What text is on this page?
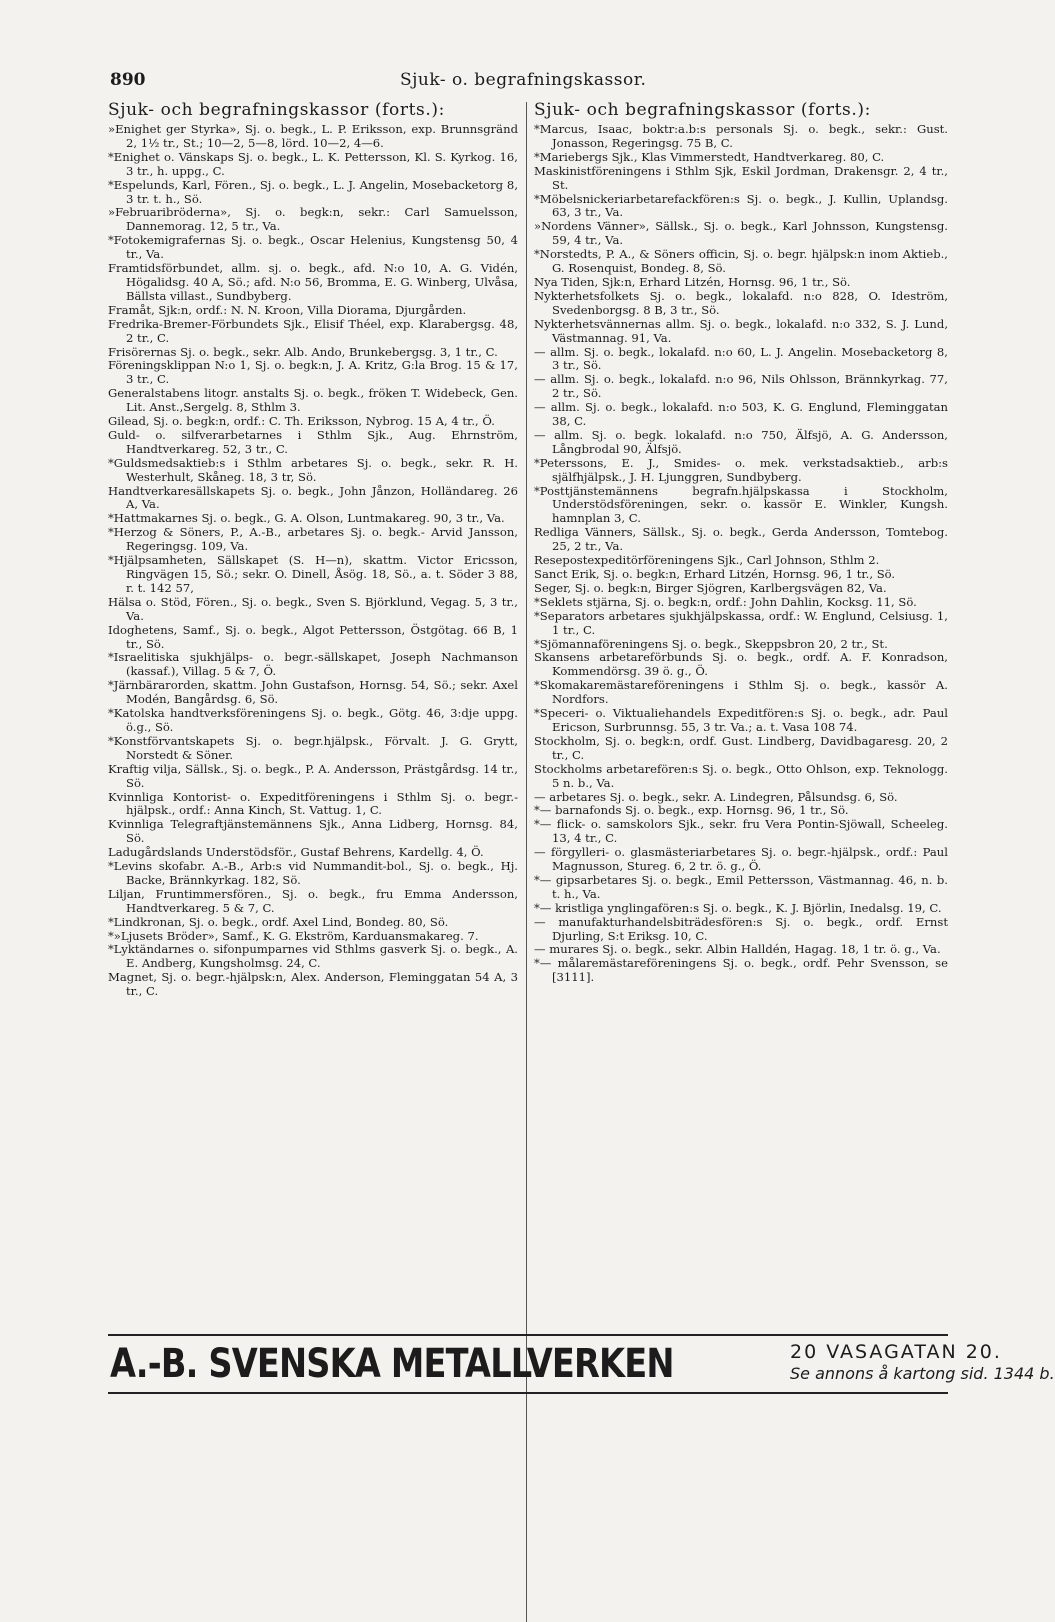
890	Sjuk- o. begrafningskassor.
Sjuk- och begrafningskassor (forts.):

»Enighet ger Styrka», Sj. o. begk., L. P. Eriksson, exp. Brunnsgränd 2, 1½ tr., St.; 10—2, 5—8, lörd. 10—2, 4—6.

*Enighet o. Vänskaps Sj. o. begk., L. K. Pettersson, Kl. S. Kyrkog. 16, 3 tr., h. uppg., C.

*Espelunds, Karl, Fören., Sj. o. begk., L. J. Angelin, Mosebacketorg 8, 3 tr. t. h., Sö.

»Februaribröderna», Sj. o. begk:n, sekr.: Carl Samuelsson, Dannemorag. 12, 5 tr., Va.

*Fotokemigrafernas Sj. o. begk., Oscar Helenius, Kungstensg 50, 4 tr., Va.

Framtidsförbundet, allm. sj. o. begk., afd. N:o 10, A. G. Vidén, Högalidsg. 40 A, Sö.; afd. N:o 56, Bromma, E. G. Winberg, Ulvåsa, Bällsta villast., Sundbyberg.

Framåt, Sjk:n, ordf.: N. N. Kroon, Villa Diorama, Djurgården.

Fredrika-Bremer-Förbundets Sjk., Elisif Théel, exp. Klarabergsg. 48, 2 tr., C.

Frisörernas Sj. o. begk., sekr. Alb. Ando, Brunkebergsg. 3, 1 tr., C.

Föreningsklippan N:o 1, Sj. o. begk:n, J. A. Kritz, G:la Brog. 15 & 17, 3 tr., C.

Generalstabens litogr. anstalts Sj. o. begk., fröken T. Widebeck, Gen. Lit. Anst.,Sergelg. 8, Sthlm 3.

Gilead, Sj. o. begk:n, ordf.: C. Th. Eriksson, Nybrog. 15 A, 4 tr., Ö.

Guld- o. silfverarbetarnes i Sthlm Sjk., Aug. Ehrnström, Handtverkareg. 52, 3 tr., C.

*Guldsmedsaktieb:s i Sthlm arbetares Sj. o. begk., sekr. R. H. Westerhult, Skåneg. 18, 3 tr, Sö.

Handtverkaresällskapets Sj. o. begk., John Jånzon, Holländareg. 26 A, Va.

*Hattmakarnes Sj. o. begk., G. A. Olson, Luntmakareg. 90, 3 tr., Va.

*Herzog & Söners, P., A.-B., arbetares Sj. o. begk.- Arvid Jansson, Regeringsg. 109, Va.

*Hjälpsamheten, Sällskapet (S. H—n), skattm. Victor Ericsson, Ringvägen 15, Sö.; sekr. O. Dinell, Åsög. 18, Sö., a. t. Söder 3 88, r. t. 142 57,

Hälsa o. Stöd, Fören., Sj. o. begk., Sven S. Björklund, Vegag. 5, 3 tr., Va.

Idoghetens, Samf., Sj. o. begk., Algot Pettersson, Östgötag. 66 B, 1 tr., Sö.

*Israelitiska sjukhjälps- o. begr.-sällskapet, Joseph Nachmanson (kassaf.), Villag. 5 & 7, Ö.

*Järnbärarorden, skattm. John Gustafson, Hornsg. 54, Sö.; sekr. Axel Modén, Bangårdsg. 6, Sö.

*Katolska handtverksföreningens Sj. o. begk., Götg. 46, 3:dje uppg. ö.g., Sö.

*Konstförvantskapets Sj. o. begr.hjälpsk., Förvalt. J. G. Grytt, Norstedt & Söner.

Kraftig vilja, Sällsk., Sj. o. begk., P. A. Andersson, Prästgårdsg. 14 tr., Sö.

Kvinnliga Kontorist- o. Expeditföreningens i Sthlm Sj. o. begr.-hjälpsk., ordf.: Anna Kinch, St. Vattug. 1, C.

Kvinnliga Telegraftjänstemännens Sjk., Anna Lidberg, Hornsg. 84, Sö.

Ladugårdslands Understödsför., Gustaf Behrens, Kardellg. 4, Ö.

*Levins skofabr. A.-B., Arb:s vid Nummandit-bol., Sj. o. begk., Hj. Backe, Brännkyrkag. 182, Sö.

Liljan, Fruntimmersfören., Sj. o. begk., fru Emma Andersson, Handtverkareg. 5 & 7, C.

*Lindkronan, Sj. o. begk., ordf. Axel Lind, Bondeg. 80, Sö.

*»Ljusets Bröder», Samf., K. G. Ekström, Karduansmakareg. 7.

*Lyktändarnes o. sifonpumparnes vid Sthlms gasverk Sj. o. begk., A. E. Andberg, Kungsholmsg. 24, C.

Magnet, Sj. o. begr.-hjälpsk:n, Alex. Anderson, Fleminggatan 54 A, 3 tr., C.

Sjuk- och begrafningskassor (forts.):

*Marcus, Isaac, boktr:a.b:s personals Sj. o. begk., sekr.: Gust. Jonasson, Regeringsg. 75 B, C.

*Mariebergs Sjk., Klas Vimmerstedt, Handtverkareg. 80, C.

Maskinistföreningens i Sthlm Sjk, Eskil Jordman, Drakensgr. 2, 4 tr., St.

*Möbelsnickeriarbetarefackfören:s Sj. o. begk., J. Kullin, Uplandsg. 63, 3 tr., Va.

»Nordens Vänner», Sällsk., Sj. o. begk., Karl Johnsson, Kungstensg. 59, 4 tr., Va.

*Norstedts, P. A., & Söners officin, Sj. o. begr. hjälpsk:n inom Aktieb., G. Rosenquist, Bondeg. 8, Sö.

Nya Tiden, Sjk:n, Erhard Litzén, Hornsg. 96, 1 tr., Sö.

Nykterhetsfolkets Sj. o. begk., lokalafd. n:o 828, O. Ideström, Svedenborgsg. 8 B, 3 tr., Sö.

Nykterhetsvännernas allm. Sj. o. begk., lokalafd. n:o 332, S. J. Lund, Västmannag. 91, Va.

— allm. Sj. o. begk., lokalafd. n:o 60, L. J. Angelin. Mosebacketorg 8, 3 tr., Sö.

— allm. Sj. o. begk., lokalafd. n:o 96, Nils Ohlsson, Brännkyrkag. 77, 2 tr., Sö.

— allm. Sj. o. begk., lokalafd. n:o 503, K. G. Englund, Fleminggatan 38, C.

— allm. Sj. o. begk. lokalafd. n:o 750, Älfsjö, A. G. Andersson, Långbrodal 90, Älfsjö.

*Peterssons, E. J., Smides- o. mek. verkstadsaktieb., arb:s själfhjälpsk., J. H. Ljunggren, Sundbyberg.

*Posttjänstemännens begrafn.hjälpskassa i Stockholm, Understödsföreningen, sekr. o. kassör E. Winkler, Kungsh. hamnplan 3, C.

Redliga Vänners, Sällsk., Sj. o. begk., Gerda Andersson, Tomtebog. 25, 2 tr., Va.

Resepostexpeditörföreningens Sjk., Carl Johnson, Sthlm 2.

Sanct Erik, Sj. o. begk:n, Erhard Litzén, Hornsg. 96, 1 tr., Sö.

Seger, Sj. o. begk:n, Birger Sjögren, Karlbergsvägen 82, Va.

*Seklets stjärna, Sj. o. begk:n, ordf.: John Dahlin, Kocksg. 11, Sö.

*Separators arbetares sjukhjälpskassa, ordf.: W. Englund, Celsiusg. 1, 1 tr., C.

*Sjömannaföreningens Sj. o. begk., Skeppsbron 20, 2 tr., St.

Skansens arbetareförbunds Sj. o. begk., ordf. A. F. Konradson, Kommendörsg. 39 ö. g., Ö.

*Skomakaremästareföreningens i Sthlm Sj. o. begk., kassör A. Nordfors.

*Speceri- o. Viktualiehandels Expeditfören:s Sj. o. begk., adr. Paul Ericson, Surbrunnsg. 55, 3 tr. Va.; a. t. Vasa 108 74.

Stockholm, Sj. o. begk:n, ordf. Gust. Lindberg, Davidbagaresg. 20, 2 tr., C.

Stockholms arbetarefören:s Sj. o. begk., Otto Ohlson, exp. Teknologg. 5 n. b., Va.

— arbetares Sj. o. begk., sekr. A. Lindegren, Pålsundsg. 6, Sö.

*— barnafonds Sj. o. begk., exp. Hornsg. 96, 1 tr., Sö.

*— flick- o. samskolors Sjk., sekr. fru Vera Pontin-Sjöwall, Scheeleg. 13, 4 tr., C.

— förgylleri- o. glasmästeriarbetares Sj. o. begr.-hjälpsk., ordf.: Paul Magnusson, Stureg. 6, 2 tr. ö. g., Ö.

*— gipsarbetares Sj. o. begk., Emil Pettersson, Västmannag. 46, n. b. t. h., Va.

*— kristliga ynglingafören:s Sj. o. begk., K. J. Björlin, Inedalsg. 19, C.

— manufakturhandelsbiträdesfören:s Sj. o. begk., ordf. Ernst Djurling, S:t Eriksg. 10, C.

— murares Sj. o. begk., sekr. Albin Halldén, Hagag. 18, 1 tr. ö. g., Va.

*— målaremästareföreningens Sj. o. begk., ordf. Pehr Svensson, se [3111].

A.-B. SVENSKA METALLVERKEN	20 VASAGATAN 20.
Se annons å kartong sid. 1344 b.
